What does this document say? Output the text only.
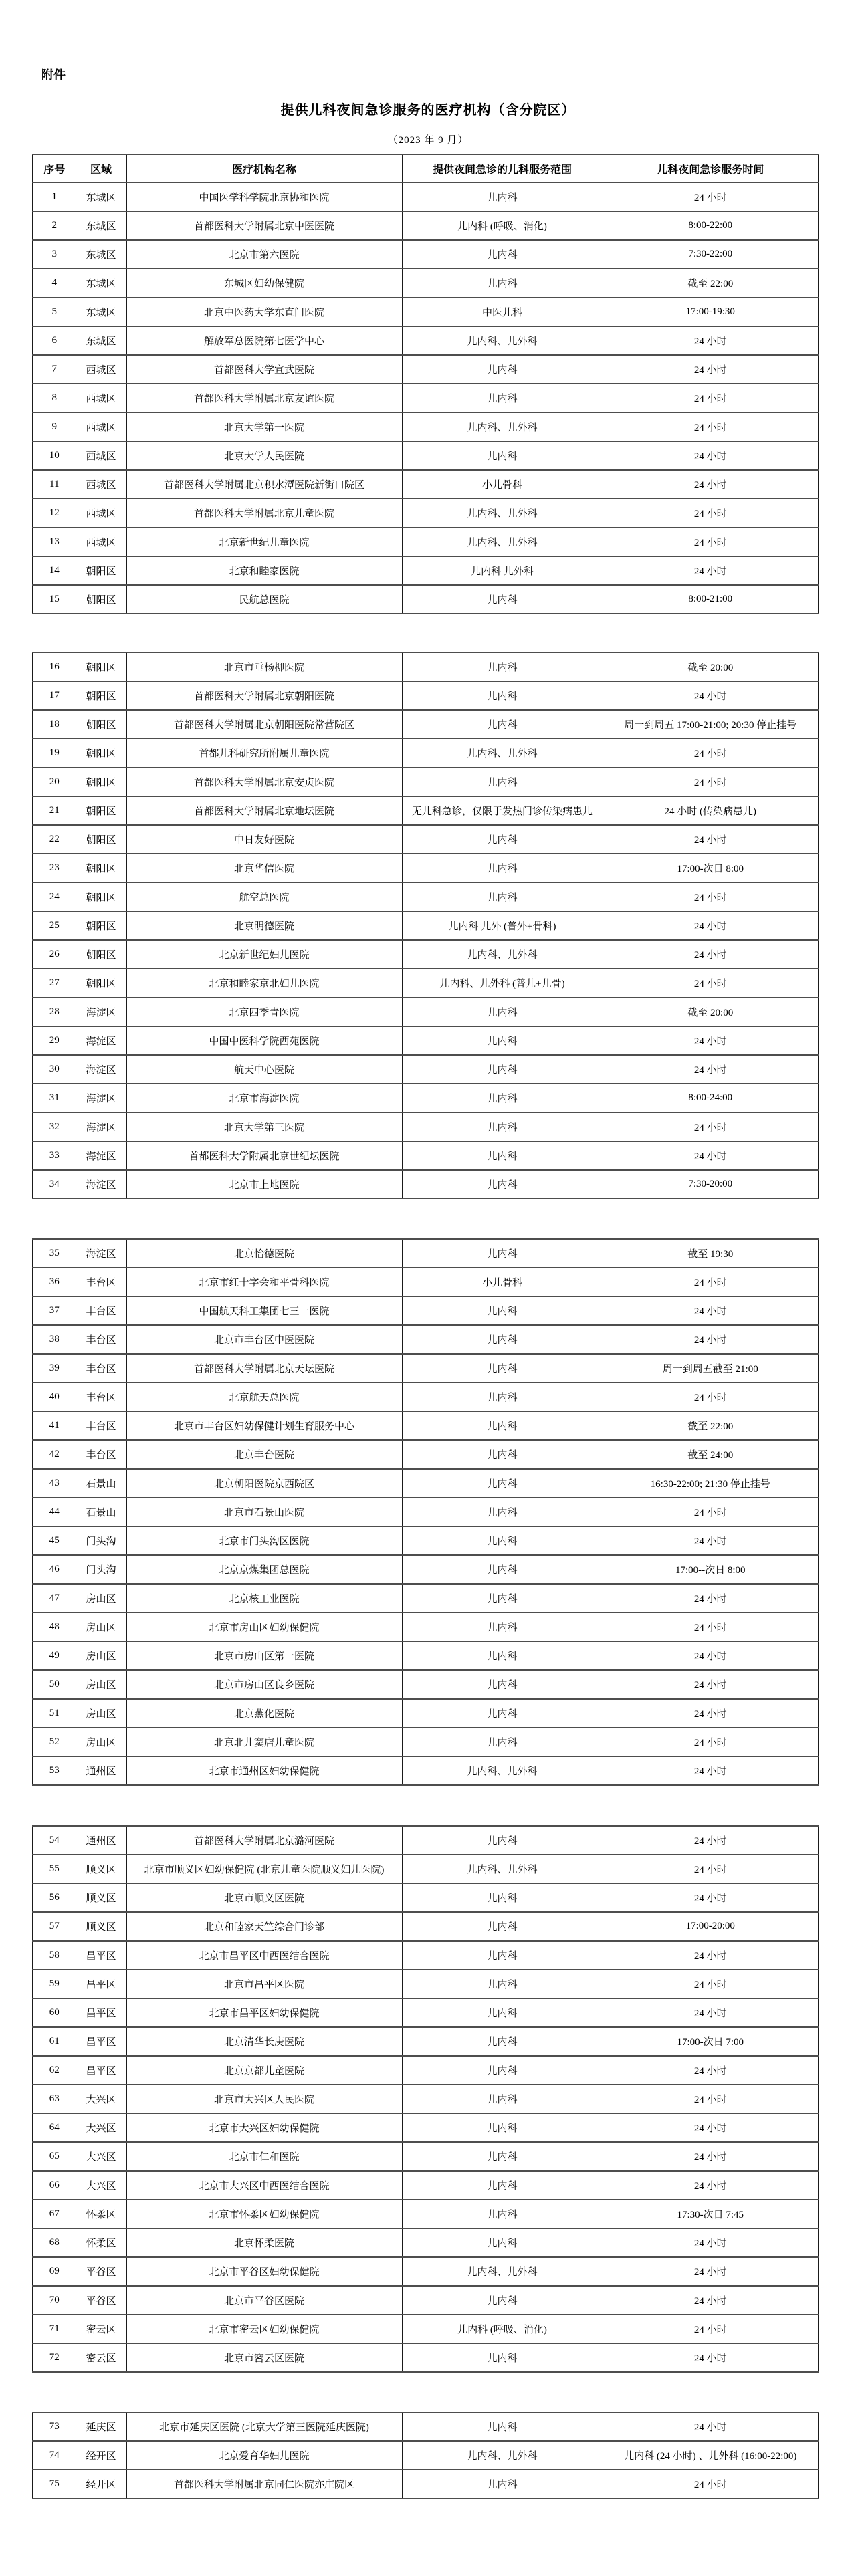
附件
提供儿科夜间急诊服务的医疗机构（含分院区）
（2023 年 9 月）
序号	区域	医疗机构名称	提供夜间急诊的儿科服务范围	儿科夜间急诊服务时间
1	东城区	中国医学科学院北京协和医院	儿内科	24 小时
2	东城区	首都医科大学附属北京中医医院	儿内科 (呼吸、消化)	8:00-22:00
3	东城区	北京市第六医院	儿内科	7:30-22:00
4	东城区	东城区妇幼保健院	儿内科	截至 22:00
5	东城区	北京中医药大学东直门医院	中医儿科	17:00-19:30
6	东城区	解放军总医院第七医学中心	儿内科、儿外科	24 小时
7	西城区	首都医科大学宣武医院	儿内科	24 小时
8	西城区	首都医科大学附属北京友谊医院	儿内科	24 小时
9	西城区	北京大学第一医院	儿内科、儿外科	24 小时
10	西城区	北京大学人民医院	儿内科	24 小时
11	西城区	首都医科大学附属北京积水潭医院新街口院区	小儿骨科	24 小时
12	西城区	首都医科大学附属北京儿童医院	儿内科、儿外科	24 小时
13	西城区	北京新世纪儿童医院	儿内科、儿外科	24 小时
14	朝阳区	北京和睦家医院	儿内科 儿外科	24 小时
15	朝阳区	民航总医院	儿内科	8:00-21:00
16	朝阳区	北京市垂杨柳医院	儿内科	截至 20:00
17	朝阳区	首都医科大学附属北京朝阳医院	儿内科	24 小时
18	朝阳区	首都医科大学附属北京朝阳医院常营院区	儿内科	周一到周五 17:00-21:00; 20:30 停止挂号
19	朝阳区	首都儿科研究所附属儿童医院	儿内科、儿外科	24 小时
20	朝阳区	首都医科大学附属北京安贞医院	儿内科	24 小时
21	朝阳区	首都医科大学附属北京地坛医院	无儿科急诊，仅限于发热门诊传染病患儿	24 小时 (传染病患儿)
22	朝阳区	中日友好医院	儿内科	24 小时
23	朝阳区	北京华信医院	儿内科	17:00-次日 8:00
24	朝阳区	航空总医院	儿内科	24 小时
25	朝阳区	北京明德医院	儿内科 儿外 (普外+骨科)	24 小时
26	朝阳区	北京新世纪妇儿医院	儿内科、儿外科	24 小时
27	朝阳区	北京和睦家京北妇儿医院	儿内科、儿外科 (普儿+儿骨)	24 小时
28	海淀区	北京四季青医院	儿内科	截至 20:00
29	海淀区	中国中医科学院西苑医院	儿内科	24 小时
30	海淀区	航天中心医院	儿内科	24 小时
31	海淀区	北京市海淀医院	儿内科	8:00-24:00
32	海淀区	北京大学第三医院	儿内科	24 小时
33	海淀区	首都医科大学附属北京世纪坛医院	儿内科	24 小时
34	海淀区	北京市上地医院	儿内科	7:30-20:00
35	海淀区	北京怡德医院	儿内科	截至 19:30
36	丰台区	北京市红十字会和平骨科医院	小儿骨科	24 小时
37	丰台区	中国航天科工集团七三一医院	儿内科	24 小时
38	丰台区	北京市丰台区中医医院	儿内科	24 小时
39	丰台区	首都医科大学附属北京天坛医院	儿内科	周一到周五截至 21:00
40	丰台区	北京航天总医院	儿内科	24 小时
41	丰台区	北京市丰台区妇幼保健计划生育服务中心	儿内科	截至 22:00
42	丰台区	北京丰台医院	儿内科	截至 24:00
43	石景山	北京朝阳医院京西院区	儿内科	16:30-22:00; 21:30 停止挂号
44	石景山	北京市石景山医院	儿内科	24 小时
45	门头沟	北京市门头沟区医院	儿内科	24 小时
46	门头沟	北京京煤集团总医院	儿内科	17:00--次日 8:00
47	房山区	北京核工业医院	儿内科	24 小时
48	房山区	北京市房山区妇幼保健院	儿内科	24 小时
49	房山区	北京市房山区第一医院	儿内科	24 小时
50	房山区	北京市房山区良乡医院	儿内科	24 小时
51	房山区	北京燕化医院	儿内科	24 小时
52	房山区	北京北儿窦店儿童医院	儿内科	24 小时
53	通州区	北京市通州区妇幼保健院	儿内科、儿外科	24 小时
54	通州区	首都医科大学附属北京潞河医院	儿内科	24 小时
55	顺义区	北京市顺义区妇幼保健院 (北京儿童医院顺义妇儿医院)	儿内科、儿外科	24 小时
56	顺义区	北京市顺义区医院	儿内科	24 小时
57	顺义区	北京和睦家天竺综合门诊部	儿内科	17:00-20:00
58	昌平区	北京市昌平区中西医结合医院	儿内科	24 小时
59	昌平区	北京市昌平区医院	儿内科	24 小时
60	昌平区	北京市昌平区妇幼保健院	儿内科	24 小时
61	昌平区	北京清华长庚医院	儿内科	17:00-次日 7:00
62	昌平区	北京京都儿童医院	儿内科	24 小时
63	大兴区	北京市大兴区人民医院	儿内科	24 小时
64	大兴区	北京市大兴区妇幼保健院	儿内科	24 小时
65	大兴区	北京市仁和医院	儿内科	24 小时
66	大兴区	北京市大兴区中西医结合医院	儿内科	24 小时
67	怀柔区	北京市怀柔区妇幼保健院	儿内科	17:30-次日 7:45
68	怀柔区	北京怀柔医院	儿内科	24 小时
69	平谷区	北京市平谷区妇幼保健院	儿内科、儿外科	24 小时
70	平谷区	北京市平谷区医院	儿内科	24 小时
71	密云区	北京市密云区妇幼保健院	儿内科 (呼吸、消化)	24 小时
72	密云区	北京市密云区医院	儿内科	24 小时
73	延庆区	北京市延庆区医院 (北京大学第三医院延庆医院)	儿内科	24 小时
74	经开区	北京爱育华妇儿医院	儿内科、儿外科	儿内科 (24 小时) 、儿外科 (16:00-22:00)
75	经开区	首都医科大学附属北京同仁医院亦庄院区	儿内科	24 小时
